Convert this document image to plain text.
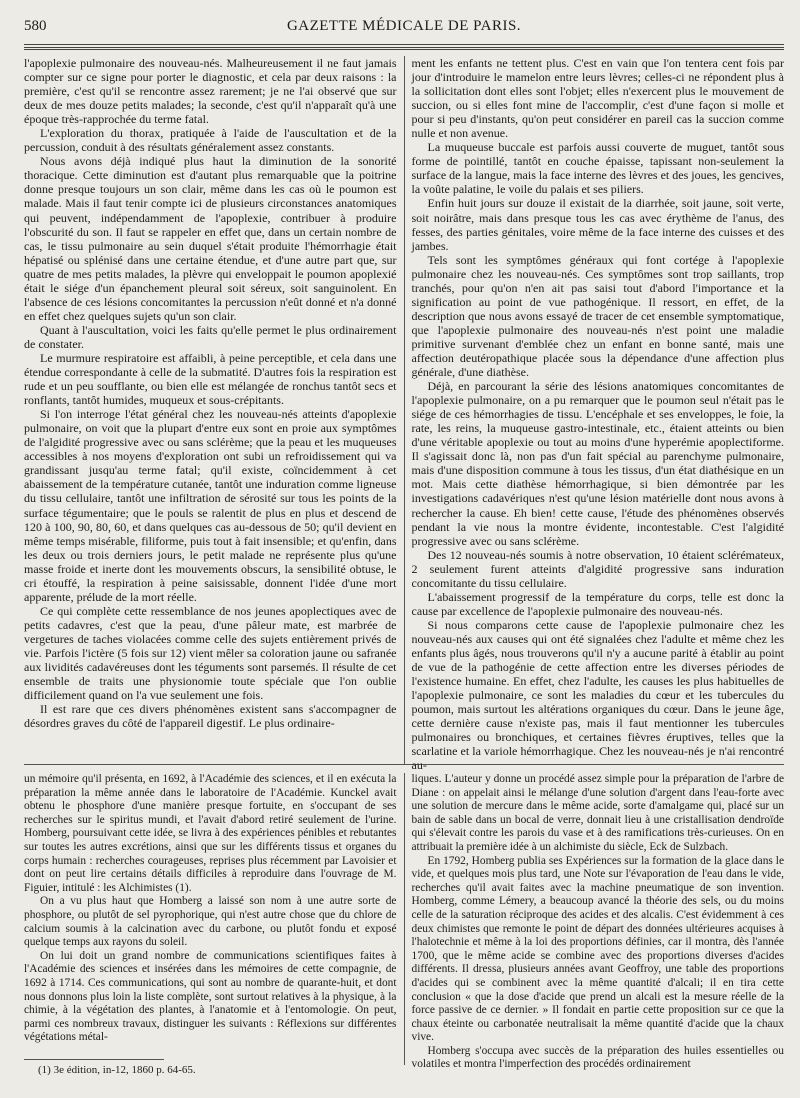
580	GAZETTE MÉDICALE DE PARIS.

l'apoplexie pulmonaire des nouveau-nés. Malheureusement il ne faut jamais compter sur ce signe pour porter le diagnostic, et cela par deux raisons : la première, c'est qu'il se rencontre assez rarement; je ne l'ai observé que sur deux de mes douze petits malades; la seconde, c'est qu'il n'apparaît qu'à une époque très-rapprochée du terme fatal.

L'exploration du thorax, pratiquée à l'aide de l'auscultation et de la percussion, conduit à des résultats généralement assez constants.

Nous avons déjà indiqué plus haut la diminution de la sonorité thoracique. Cette diminution est d'autant plus remarquable que la poitrine donne presque toujours un son clair, même dans les cas où le poumon est malade. Mais il faut tenir compte ici de plusieurs circonstances anatomiques qui peuvent, indépendamment de l'apoplexie, contribuer à produire l'obscurité du son. Il faut se rappeler en effet que, dans un certain nombre de cas, le tissu pulmonaire au sein duquel s'était produite l'hémorrhagie était hépatisé ou splénisé dans une certaine étendue, et d'une autre part que, sur quatre de mes petits malades, la plèvre qui enveloppait le poumon apoplexié était le siége d'un épanchement pleural soit séreux, soit sanguinolent. En l'absence de ces lésions concomitantes la percussion n'eût donné et n'a donné en effet chez quelques sujets qu'un son clair.

Quant à l'auscultation, voici les faits qu'elle permet le plus ordinairement de constater.

Le murmure respiratoire est affaibli, à peine perceptible, et cela dans une étendue correspondante à celle de la submatité. D'autres fois la respiration est rude et un peu soufflante, ou bien elle est mélangée de ronchus tantôt secs et ronflants, tantôt humides, muqueux et sous-crépitants.

Si l'on interroge l'état général chez les nouveau-nés atteints d'apoplexie pulmonaire, on voit que la plupart d'entre eux sont en proie aux symptômes de l'algidité progressive avec ou sans sclérème; que la peau et les muqueuses accessibles à nos moyens d'exploration ont subi un refroidissement qui va grandissant jusqu'au terme fatal; qu'il existe, coïncidemment à cet abaissement de la température cutanée, tantôt une induration comme ligneuse du tissu cellulaire, tantôt une infiltration de sérosité sur tous les points de la surface tégumentaire; que le pouls se ralentit de plus en plus et descend de 120 à 100, 90, 80, 60, et dans quelques cas au-dessous de 50; qu'il devient en même temps misérable, filiforme, puis tout à fait insensible; et qu'enfin, dans les deux ou trois derniers jours, le petit malade ne représente plus qu'une masse froide et inerte dont les mouvements obscurs, la sensibilité obtuse, le cri étouffé, la respiration à peine saisissable, donnent l'idée d'une mort apparente, prélude de la mort réelle.

Ce qui complète cette ressemblance de nos jeunes apoplectiques avec de petits cadavres, c'est que la peau, d'une pâleur mate, est marbrée de vergetures de taches violacées comme celle des sujets entièrement privés de vie. Parfois l'ictère (5 fois sur 12) vient mêler sa coloration jaune ou safranée aux lividités cadavéreuses dont les téguments sont parsemés. Il résulte de cet ensemble de traits une physionomie toute spéciale que l'on oublie difficilement quand on l'a vue seulement une fois.

Il est rare que ces divers phénomènes existent sans s'accompagner de désordres graves du côté de l'appareil digestif. Le plus ordinaire-

ment les enfants ne tettent plus. C'est en vain que l'on tentera cent fois par jour d'introduire le mamelon entre leurs lèvres; celles-ci ne répondent plus à la sollicitation dont elles sont l'objet; elles n'exercent plus le mouvement de succion, ou si elles font mine de l'accomplir, c'est d'une façon si molle et pour si peu d'instants, qu'on peut considérer en pareil cas la succion comme nulle et non avenue.

La muqueuse buccale est parfois aussi couverte de muguet, tantôt sous forme de pointillé, tantôt en couche épaisse, tapissant non-seulement la surface de la langue, mais la face interne des lèvres et des joues, les gencives, la voûte palatine, le voile du palais et ses piliers.

Enfin huit jours sur douze il existait de la diarrhée, soit jaune, soit verte, soit noirâtre, mais dans presque tous les cas avec érythème de l'anus, des fesses, des parties génitales, voire même de la face interne des cuisses et des jambes.

Tels sont les symptômes généraux qui font cortége à l'apoplexie pulmonaire chez les nouveau-nés. Ces symptômes sont trop saillants, trop tranchés, pour qu'on n'en ait pas saisi tout d'abord l'importance et la signification au point de vue pathogénique. Il ressort, en effet, de la description que nous avons essayé de tracer de cet ensemble symptomatique, que l'apoplexie pulmonaire des nouveau-nés n'est point une maladie primitive survenant d'emblée chez un enfant en bonne santé, mais une affection deutéropathique placée sous la dépendance d'une affection plus générale, d'une diathèse.

Déjà, en parcourant la série des lésions anatomiques concomitantes de l'apoplexie pulmonaire, on a pu remarquer que le poumon seul n'était pas le siége de ces hémorrhagies de tissu. L'encéphale et ses enveloppes, le foie, la rate, les reins, la muqueuse gastro-intestinale, etc., étaient atteints ou bien d'une véritable apoplexie ou tout au moins d'une hyperémie apoplectiforme. Il s'agissait donc là, non pas d'un fait spécial au parenchyme pulmonaire, mais d'une disposition commune à tous les tissus, d'un état diathésique en un mot. Mais cette diathèse hémorrhagique, si bien démontrée par les investigations cadavériques n'est qu'une lésion matérielle dont nous avons à rechercher la cause. Eh bien! cette cause, l'étude des phénomènes observés pendant la vie nous la montre évidente, incontestable. C'est l'algidité progressive avec ou sans sclérème.

Des 12 nouveau-nés soumis à notre observation, 10 étaient sclérémateux, 2 seulement furent atteints d'algidité progressive sans induration concomitante du tissu cellulaire.

L'abaissement progressif de la température du corps, telle est donc la cause par excellence de l'apoplexie pulmonaire des nouveau-nés.

Si nous comparons cette cause de l'apoplexie pulmonaire chez les nouveau-nés aux causes qui ont été signalées chez l'adulte et même chez les enfants plus âgés, nous trouverons qu'il n'y a aucune parité à établir au point de vue de la pathogénie de cette affection entre les diverses périodes de l'existence humaine. En effet, chez l'adulte, les causes les plus habituelles de l'apoplexie pulmonaire, ce sont les maladies du cœur et les tubercules du poumon, mais surtout les altérations organiques du cœur. Dans le jeune âge, cette dernière cause n'existe pas, mais il faut mentionner les tubercules pulmonaires ou bronchiques, et certaines fièvres éruptives, telles que la scarlatine et la variole hémorrhagique. Chez les nouveau-nés je n'ai rencontré au-

un mémoire qu'il présenta, en 1692, à l'Académie des sciences, et il en exécuta la préparation la même année dans le laboratoire de l'Académie. Kunckel avait obtenu le phosphore d'une manière presque fortuite, en s'occupant de ses recherches sur le spiritus mundi, et l'avait d'abord retiré seulement de l'urine. Homberg, poursuivant cette idée, se livra à des expériences pénibles et rebutantes sur toutes les autres excrétions, ainsi que sur les différents tissus et organes du corps humain : recherches courageuses, reprises plus récemment par Lavoisier et dont on peut lire certains détails difficiles à reproduire dans l'ouvrage de M. Figuier, intitulé : les Alchimistes (1).

On a vu plus haut que Homberg a laissé son nom à une autre sorte de phosphore, ou plutôt de sel pyrophorique, qui n'est autre chose que du chlore de calcium soumis à la calcination avec du carbone, ou plutôt fondu et exposé quelque temps aux rayons du soleil.

On lui doit un grand nombre de communications scientifiques faites à l'Académie des sciences et insérées dans les mémoires de cette compagnie, de 1692 à 1714. Ces communications, qui sont au nombre de quarante-huit, et dont nous donnons plus loin la liste complète, sont surtout relatives à la physique, à la chimie, à la végétation des plantes, à l'anatomie et à l'entomologie. On peut, parmi ces nombreux travaux, distinguer les suivants : Réflexions sur différentes végétations métal-

(1) 3e édition, in-12, 1860 p. 64-65.

liques. L'auteur y donne un procédé assez simple pour la préparation de l'arbre de Diane : on appelait ainsi le mélange d'une solution d'argent dans l'eau-forte avec une solution de mercure dans le même acide, sorte d'amalgame qui, placé sur un bain de sable dans un bocal de verre, donnait lieu à une cristallisation dendroïde qui s'élevait contre les parois du vase et à des ramifications très-curieuses. On en attribuait la première idée à un alchimiste du siècle, Eck de Sulzbach.

En 1792, Homberg publia ses Expériences sur la formation de la glace dans le vide, et quelques mois plus tard, une Note sur l'évaporation de l'eau dans le vide, recherches qu'il avait faites avec la machine pneumatique de son invention. Homberg, comme Lémery, a beaucoup avancé la théorie des sels, ou du moins celle de la saturation réciproque des acides et des alcalis. C'est évidemment à ces deux chimistes que remonte le point de départ des données ultérieures acquises à l'halotechnie et même à la loi des proportions définies, car il montra, dès l'année 1700, que le même acide se combine avec des proportions diverses d'acides différents. Il dressa, plusieurs années avant Geoffroy, une table des proportions d'acides qui se combinent avec la même quantité d'alcali; il en tira cette conclusion « que la dose d'acide que prend un alcali est la mesure réelle de la force passive de ce dernier. » Il fondait en partie cette proposition sur ce que la chaux éteinte ou carbonatée neutralisait la même quantité d'acide que la chaux vive.

Homberg s'occupa avec succès de la préparation des huiles essentielles ou volatiles et montra l'imperfection des procédés ordinairement
